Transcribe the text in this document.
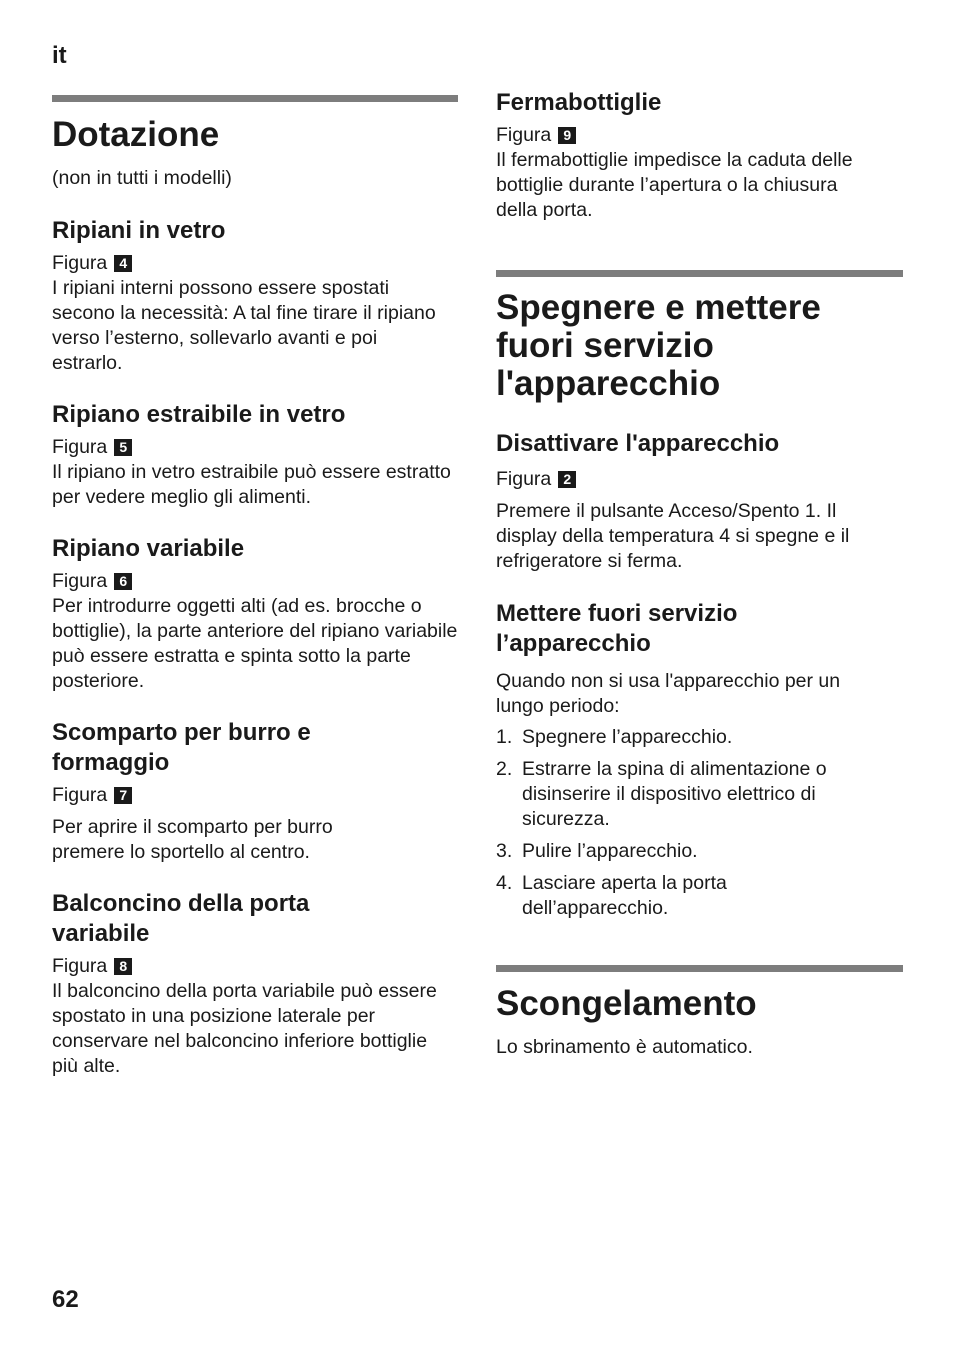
it
Dotazione

(non in tutti i modelli)

Ripiani in vetro
Figura 4

I ripiani interni possono essere spostati secono la necessità: A tal fine tirare il ripiano verso l’esterno, sollevarlo avanti e poi estrarlo.

Ripiano estraibile in vetro
Figura 5

Il ripiano in vetro estraibile può essere estratto per vedere meglio gli alimenti.

Ripiano variabile
Figura 6

Per introdurre oggetti alti (ad es. brocche o bottiglie), la parte anteriore del ripiano variabile può essere estratta e spinta sotto la parte posteriore.

Scomparto per burro e formaggio
Figura 7

Per aprire il scomparto per burro premere lo sportello al centro.

Balconcino della porta variabile
Figura 8

Il balconcino della porta variabile può essere spostato in una posizione laterale per conservare nel balconcino inferiore bottiglie più alte.

Fermabottiglie
Figura 9

Il fermabottiglie impedisce la caduta delle bottiglie durante l’apertura o la chiusura della porta.

Spegnere e mettere fuori servizio l'apparecchio
Disattivare l'apparecchio
Figura 2

Premere il pulsante Acceso/Spento 1. Il display della temperatura 4 si spegne e il refrigeratore si ferma.

Mettere fuori servizio l’apparecchio

Quando non si usa l'apparecchio per un lungo periodo:

1. Spegnere l’apparecchio.
2. Estrarre la spina di alimentazione o disinserire il dispositivo elettrico di sicurezza.
3. Pulire l’apparecchio.
4. Lasciare aperta la porta dell’apparecchio.
Scongelamento

Lo sbrinamento è automatico.

62
